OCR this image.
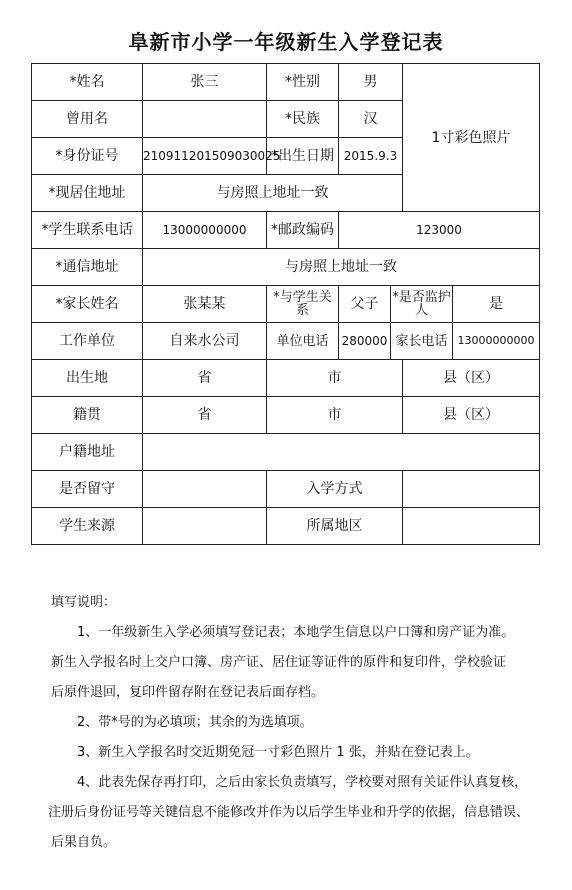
阜新市小学一年级新生入学登记表
*姓名	张三	*性别	男		1寸彩色照片	
曾用名		*民族	汉			
*身份证号	210911201509030025	*出生日期	2015.9.3			
*现居住地址	与房照上地址一致					
*学生联系电话	13000000000	*邮政编码	123000			
*通信地址	与房照上地址一致					
*家长姓名	张某某	*与学生关系	父子	*是否监护人		是
工作单位	自来水公司	单位电话	280000	家长电话		13000000000
出生地	省	市			县（区）	
籍贯	省	市			县（区）	
户籍地址						
是否留守		入学方式				
学生来源		所属地区				

填写说明：

1、一年级新生入学必须填写登记表；本地学生信息以户口簿和房产证为准。

新生入学报名时上交户口簿、房产证、居住证等证件的原件和复印件，学校验证

后原件退回，复印件留存附在登记表后面存档。

2、带*号的为必填项；其余的为选填项。

3、新生入学报名时交近期免冠一寸彩色照片 1 张，并贴在登记表上。

4、此表先保存再打印，之后由家长负责填写，学校要对照有关证件认真复核，

注册后身份证号等关键信息不能修改并作为以后学生毕业和升学的依据，信息错误、

后果自负。
